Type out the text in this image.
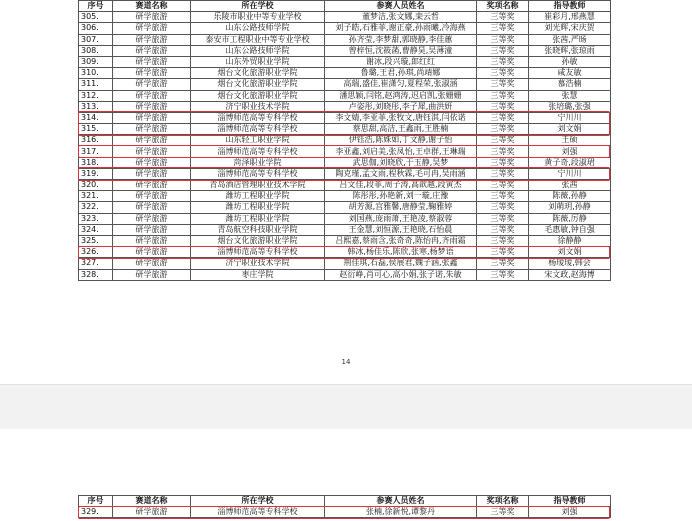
序号	赛道名称	所在学校	参赛人员姓名	奖项名称	指导教师
305.	研学旅游	乐陵市职业中等专业学校	董梦洁,张文娜,栾云哲	三等奖	崔彩月,邢燕慧
306.	研学旅游	山东公路技师学院	刘子皓,石雅菲,谢正豪,孙雨曦,冷海燕	三等奖	刘光辉,宋庆贺
307.	研学旅游	泰安市工程职业中等专业学校	孙齐莹,李梦甜,郭晓静,李佳蕙	三等奖	张茜,严旸
308.	研学旅游	山东公路技师学院	曾梓恒,沈筱菡,曹静昊,吴薄潼	三等奖	张晓辉,张琼雨
309.	研学旅游	山东外贸职业学院	谢冰,段兴璇,郎红红	三等奖	孙敏
310.	研学旅游	烟台文化旅游职业学院	鲁璐,王君,孙琪,尚靖娜	三等奖	咸友敏
311.	研学旅游	烟台文化旅游职业学院	高瑞,盛佳,崔潇匀,夏程荣,张淑涵	三等奖	慕浩楠
312.	研学旅游	烟台文化旅游职业学院	潘思颖,闫铭,赵鸿涛,迟启凯,张姗姗	三等奖	张慧
313.	研学旅游	济宁职业技术学院	卢姿彤,刘晓彤,李子犀,曲洪妍	三等奖	张培璐,张强
314.	研学旅游	淄博师范高等专科学校	李文婧,李亚菲,张牧文,唐钰淇,闫依诺	三等奖	宁川川
315.	研学旅游	淄博师范高等专科学校	蔡思甜,高洁,王鑫雨,王胜楠	三等奖	刘文娟
316.	研学旅游	山东轻工职业学院	伊钰浩,陈姝如,丁文静,谢子怡	三等奖	王硕
317.	研学旅游	淄博师范高等专科学校	李亚鑫,刘启美,张凤怡,王卓群,王琳瑞	三等奖	刘强
318.	研学旅游	菏泽职业学院	武思伽,刘晓欣,于玉静,吴梦	三等奖	黄子奇,段淑珺
319.	研学旅游	淄博师范高等专科学校	陶克瑾,孟文雨,程秋霖,毛可冉,吴雨涵	三等奖	宁川川
320.	研学旅游	青岛酒店管理职业技术学院	吕文佳,段菲,周子涛,高歆越,段寅杰	三等奖	张茜
321.	研学旅游	潍坊工程职业学院	陈彤彤,孙艳新,刘一璇,庄豫	三等奖	陈薇,孙静
322.	研学旅游	潍坊工程职业学院	胡芳源,宫雅馨,唐静莹,鞠雅婷	三等奖	刘萌玥,孙静
323.	研学旅游	潍坊工程职业学院	刘国燕,庞雨萧,王艳凌,蔡淑蓉	三等奖	陈薇,厉静
324.	研学旅游	青岛航空科技职业学院	王金慧,刘恒源,王艳晓,石怡晨	三等奖	毛惠敏,钟自强
325.	研学旅游	烟台文化旅游职业学院	吕熙嘉,蔡雨含,张奇奇,陈怡冉,齐雨霜	三等奖	徐静静
326.	研学旅游	淄博师范高等专科学校	韩冰,杨佳乐,陈欣,张寒,杨梦语	三等奖	刘文娟
327.	研学旅游	济宁职业技术学院	荆佳琪,石磊,侯展君,魏子涵,张鑫	三等奖	杨瑷瑷,韩会
328.	研学旅游	枣庄学院	赵衍峥,肖可心,高小娟,张子诺,朱敏	三等奖	宋文政,赵海博
14
序号	赛道名称	所在学校	参赛人员姓名	奖项名称	指导教师
329.	研学旅游	淄博师范高等专科学校	张楠,徐新悦,谭黎丹	三等奖	刘强
